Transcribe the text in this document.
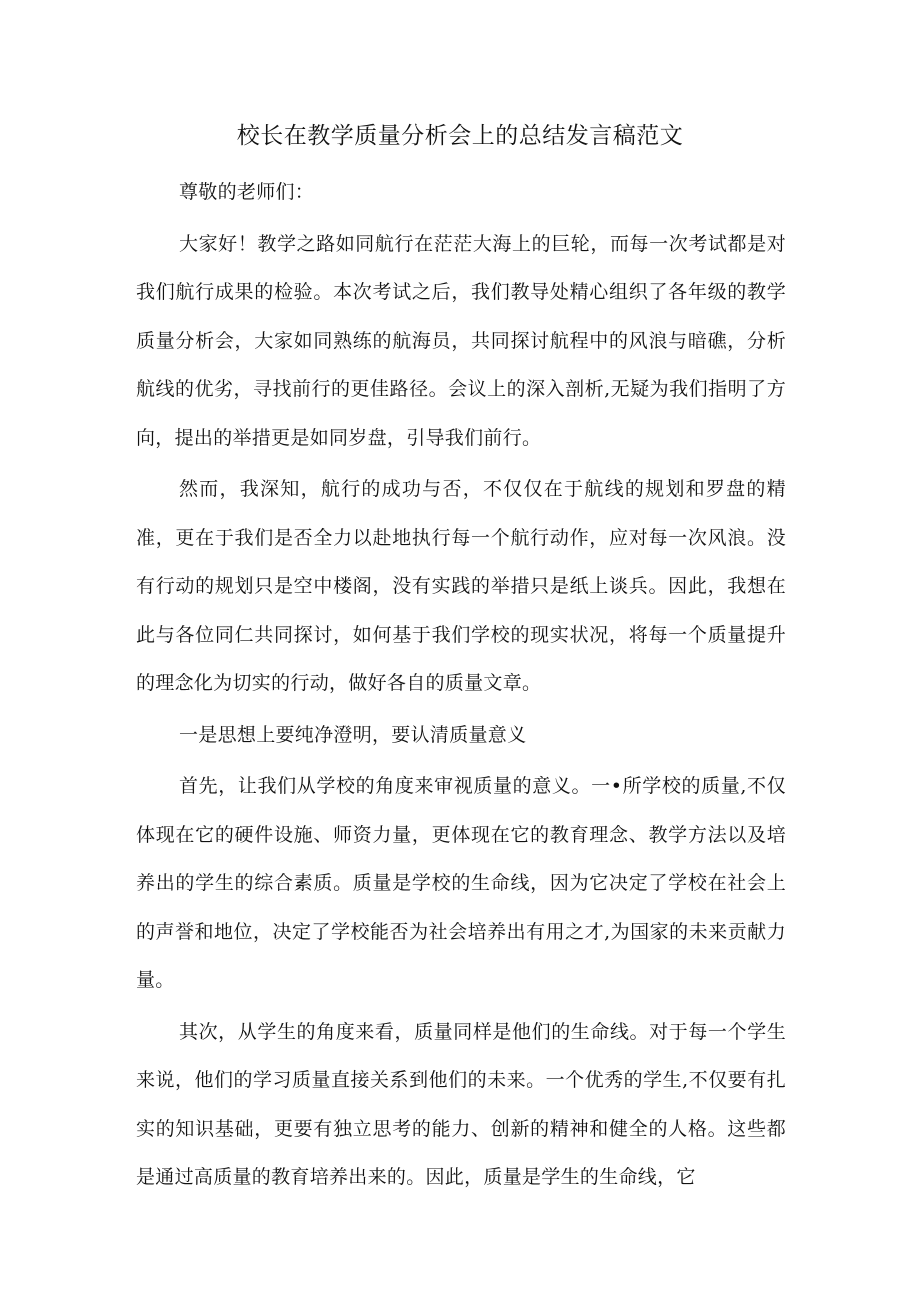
校长在教学质量分析会上的总结发言稿范文

尊敬的老师们：

大家好！教学之路如同航行在茫茫大海上的巨轮，而每一次考试都是对我们航行成果的检验。本次考试之后，我们教导处精心组织了各年级的教学质量分析会，大家如同熟练的航海员，共同探讨航程中的风浪与暗礁，分析航线的优劣，寻找前行的更佳路径。会议上的深入剖析,无疑为我们指明了方向，提出的举措更是如同岁盘，引导我们前行。

然而，我深知，航行的成功与否，不仅仅在于航线的规划和罗盘的精准，更在于我们是否全力以赴地执行每一个航行动作，应对每一次风浪。没有行动的规划只是空中楼阁，没有实践的举措只是纸上谈兵。因此，我想在此与各位同仁共同探讨，如何基于我们学校的现实状况，将每一个质量提升的理念化为切实的行动，做好各自的质量文章。

一是思想上要纯净澄明，要认清质量意义

首先，让我们从学校的角度来审视质量的意义。一•所学校的质量,不仅体现在它的硬件设施、师资力量，更体现在它的教育理念、教学方法以及培养出的学生的综合素质。质量是学校的生命线，因为它决定了学校在社会上的声誉和地位，决定了学校能否为社会培养出有用之才,为国家的未来贡献力量。

其次，从学生的角度来看，质量同样是他们的生命线。对于每一个学生来说，他们的学习质量直接关系到他们的未来。一个优秀的学生,不仅要有扎实的知识基础，更要有独立思考的能力、创新的精神和健全的人格。这些都是通过高质量的教育培养出来的。因此，质量是学生的生命线，它
